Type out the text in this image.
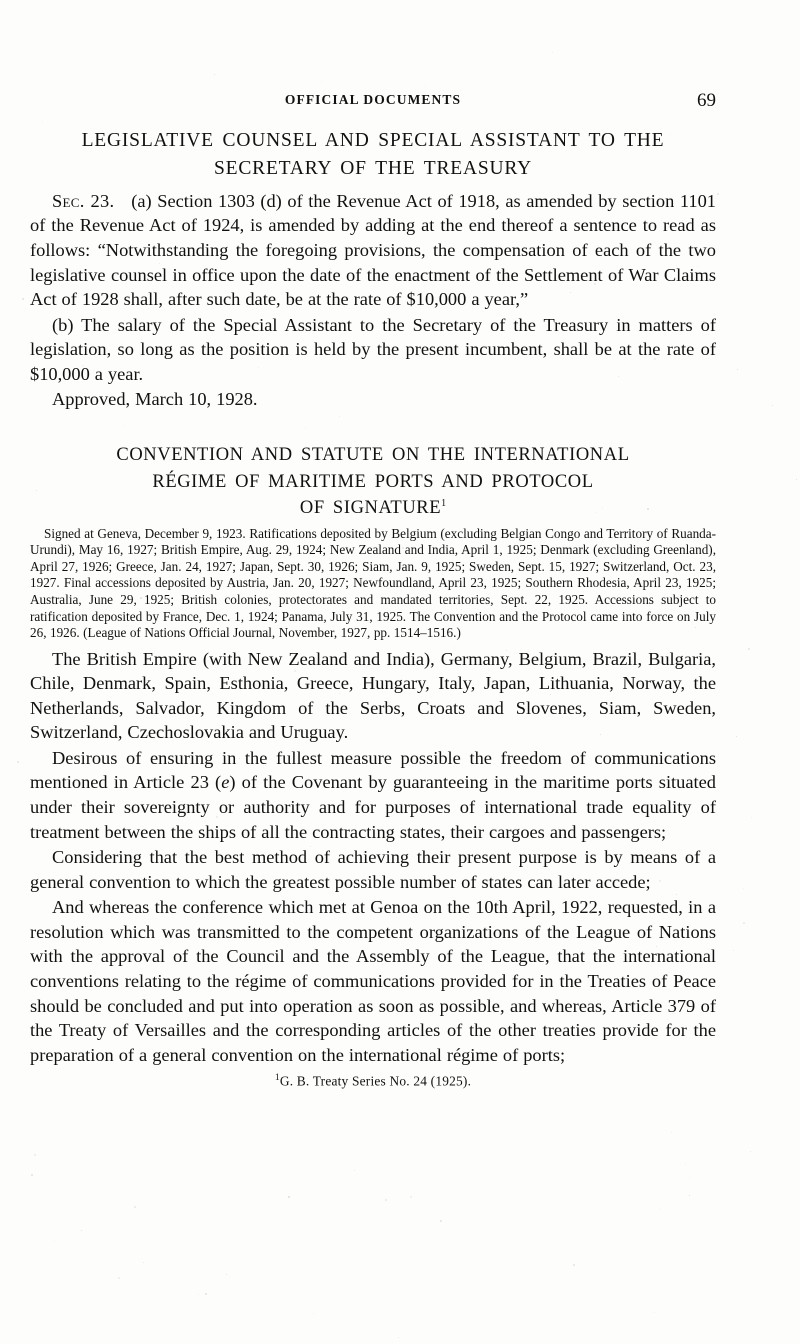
OFFICIAL DOCUMENTS	69
LEGISLATIVE COUNSEL AND SPECIAL ASSISTANT TO THE
SECRETARY OF THE TREASURY

Sec. 23. (a) Section 1303 (d) of the Revenue Act of 1918, as amended by section 1101 of the Revenue Act of 1924, is amended by adding at the end thereof a sentence to read as follows: “Notwithstanding the foregoing provisions, the compensation of each of the two legislative counsel in office upon the date of the enactment of the Settlement of War Claims Act of 1928 shall, after such date, be at the rate of $10,000 a year,”

(b) The salary of the Special Assistant to the Secretary of the Treasury in matters of legislation, so long as the position is held by the present incumbent, shall be at the rate of $10,000 a year.

Approved, March 10, 1928.

CONVENTION AND STATUTE ON THE INTERNATIONAL
RÉGIME OF MARITIME PORTS AND PROTOCOL
OF SIGNATURE$^1$

Signed at Geneva, December 9, 1923. Ratifications deposited by Belgium (excluding Belgian Congo and Territory of Ruanda-Urundi), May 16, 1927; British Empire, Aug. 29, 1924; New Zealand and India, April 1, 1925; Denmark (excluding Greenland), April 27, 1926; Greece, Jan. 24, 1927; Japan, Sept. 30, 1926; Siam, Jan. 9, 1925; Sweden, Sept. 15, 1927; Switzerland, Oct. 23, 1927. Final accessions deposited by Austria, Jan. 20, 1927; Newfoundland, April 23, 1925; Southern Rhodesia, April 23, 1925; Australia, June 29, 1925; British colonies, protectorates and mandated territories, Sept. 22, 1925. Accessions subject to ratification deposited by France, Dec. 1, 1924; Panama, July 31, 1925. The Convention and the Protocol came into force on July 26, 1926. (League of Nations Official Journal, November, 1927, pp. 1514–1516.)

The British Empire (with New Zealand and India), Germany, Belgium, Brazil, Bulgaria, Chile, Denmark, Spain, Esthonia, Greece, Hungary, Italy, Japan, Lithuania, Norway, the Netherlands, Salvador, Kingdom of the Serbs, Croats and Slovenes, Siam, Sweden, Switzerland, Czechoslovakia and Uruguay.

Desirous of ensuring in the fullest measure possible the freedom of communications mentioned in Article 23 (e) of the Covenant by guaranteeing in the maritime ports situated under their sovereignty or authority and for purposes of international trade equality of treatment between the ships of all the contracting states, their cargoes and passengers;

Considering that the best method of achieving their present purpose is by means of a general convention to which the greatest possible number of states can later accede;

And whereas the conference which met at Genoa on the 10th April, 1922, requested, in a resolution which was transmitted to the competent organizations of the League of Nations with the approval of the Council and the Assembly of the League, that the international conventions relating to the régime of communications provided for in the Treaties of Peace should be concluded and put into operation as soon as possible, and whereas, Article 379 of the Treaty of Versailles and the corresponding articles of the other treaties provide for the preparation of a general convention on the international régime of ports;

$^1$G. B. Treaty Series No. 24 (1925).
